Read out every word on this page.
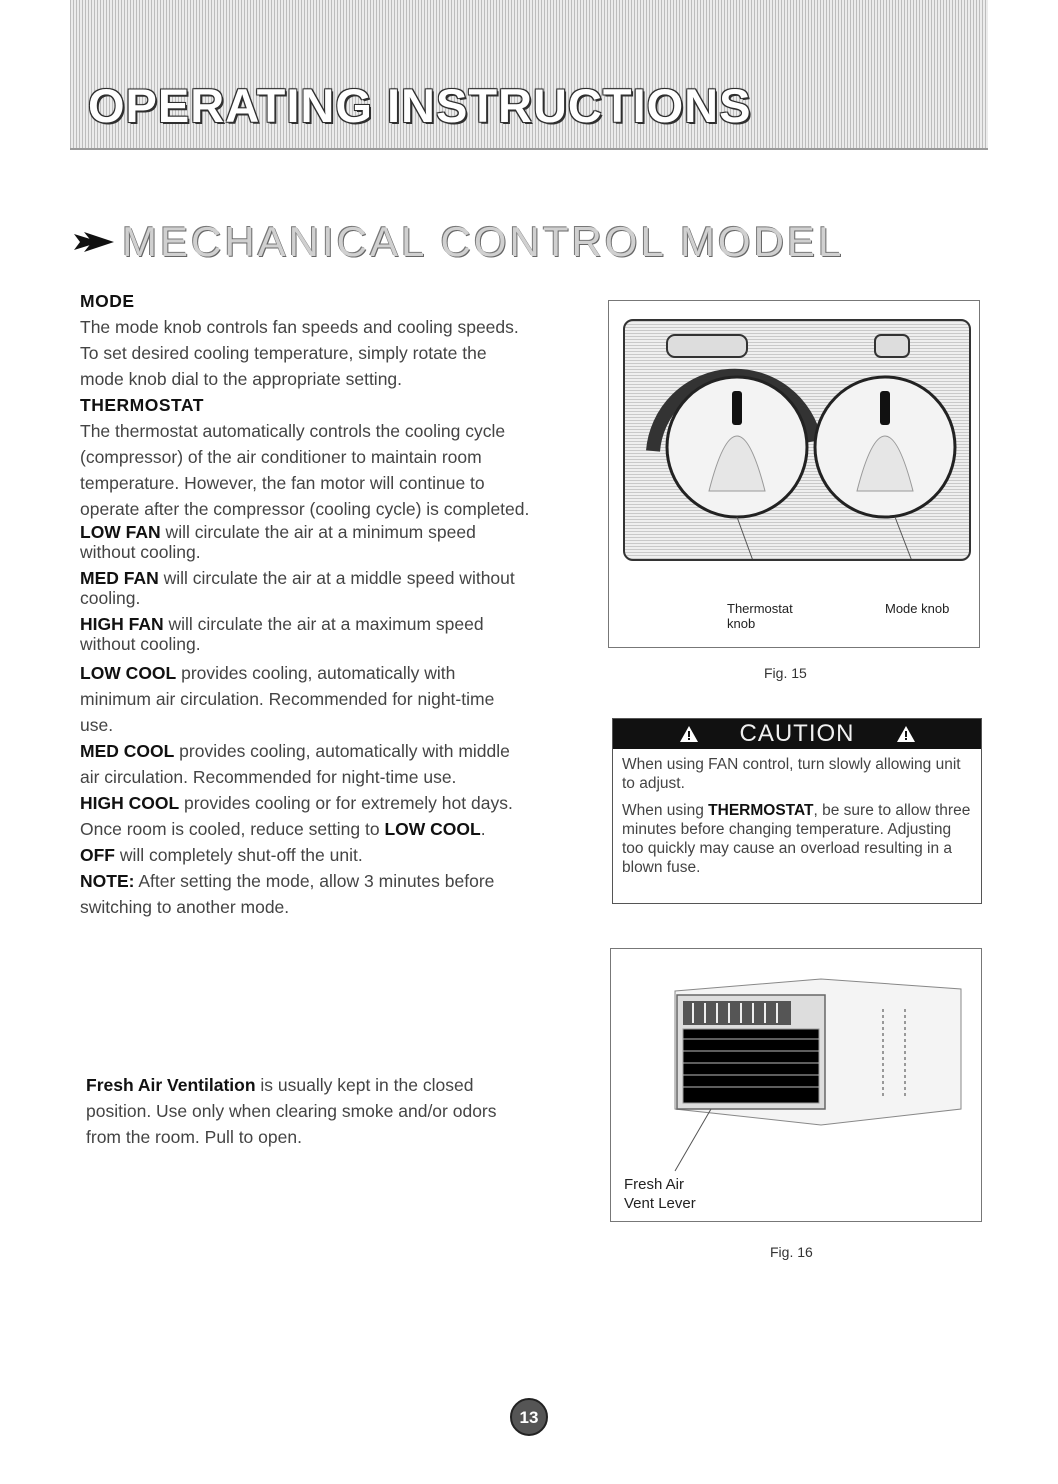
OPERATING INSTRUCTIONS
MECHANICAL CONTROL MODEL

MODE

The mode knob controls fan speeds and cooling speeds. To set desired cooling temperature, simply rotate the mode knob dial to the appropriate setting.

THERMOSTAT

The thermostat automatically controls the cooling cycle (compressor) of the air conditioner to maintain room temperature. However, the fan motor will continue to operate after the compressor (cooling cycle) is completed.

LOW FAN will circulate the air at a minimum speed without cooling.

MED FAN will circulate the air at a middle speed without cooling.

HIGH FAN will circulate the air at a maximum speed without cooling.

LOW COOL provides cooling, automatically with minimum air circulation. Recommended for night-time use.

MED COOL provides cooling, automatically with middle air circulation. Recommended for night-time use.

HIGH COOL provides cooling or for extremely hot days. Once room is cooled, reduce setting to LOW COOL.

OFF will completely shut-off the unit.

NOTE: After setting the mode, allow 3 minutes before switching to another mode.

Fresh Air Ventilation is usually kept in the closed position. Use only when clearing smoke and/or odors from the room. Pull to open.

Thermostat
knob
Mode knob
Fig. 15
CAUTION

When using FAN control, turn slowly allowing unit to adjust.

When using THERMOSTAT, be sure to allow three minutes before changing temperature. Adjusting too quickly may cause an overload resulting in a blown fuse.

Fresh Air
Vent Lever
Fig. 16
13
